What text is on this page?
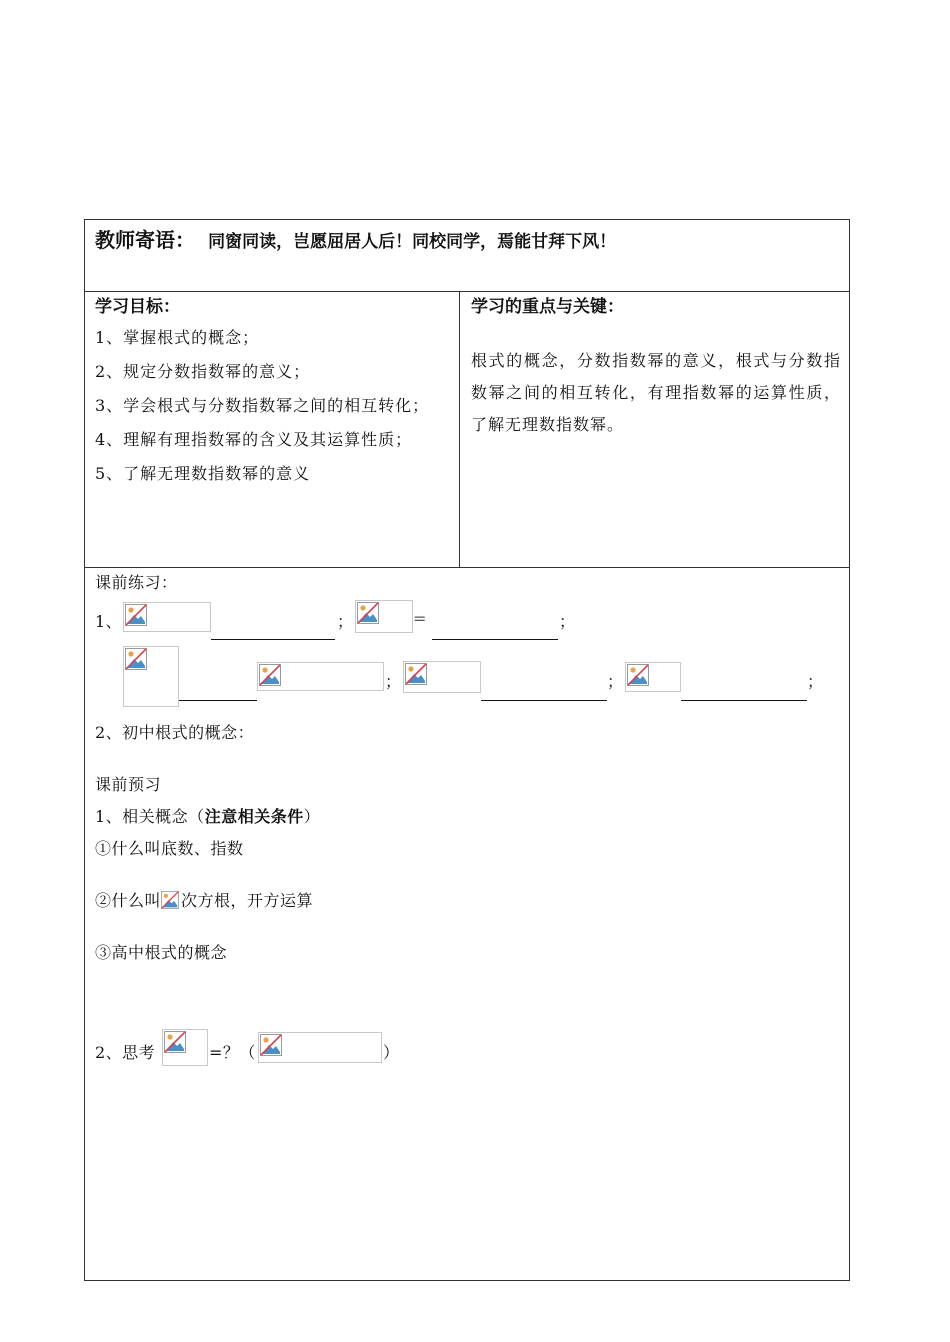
教师寄语： 同窗同读，岂愿屈居人后！同校同学，焉能甘拜下风！
学习目标：
1、掌握根式的概念；
2、规定分数指数幂的意义；
3、学会根式与分数指数幂之间的相互转化；
4、理解有理指数幂的含义及其运算性质；
5、了解无理数指数幂的意义
学习的重点与关键：
根式的概念，分数指数幂的意义，根式与分数指数幂之间的相互转化，有理指数幂的运算性质，了解无理数指数幂。
课前练习：
1、	；	=	；
；	；	；
2、初中根式的概念：
课前预习
1、相关概念（注意相关条件）
①什么叫底数、指数
②什么叫 次方根，开方运算
③高中根式的概念
2、思考	=？（	）
